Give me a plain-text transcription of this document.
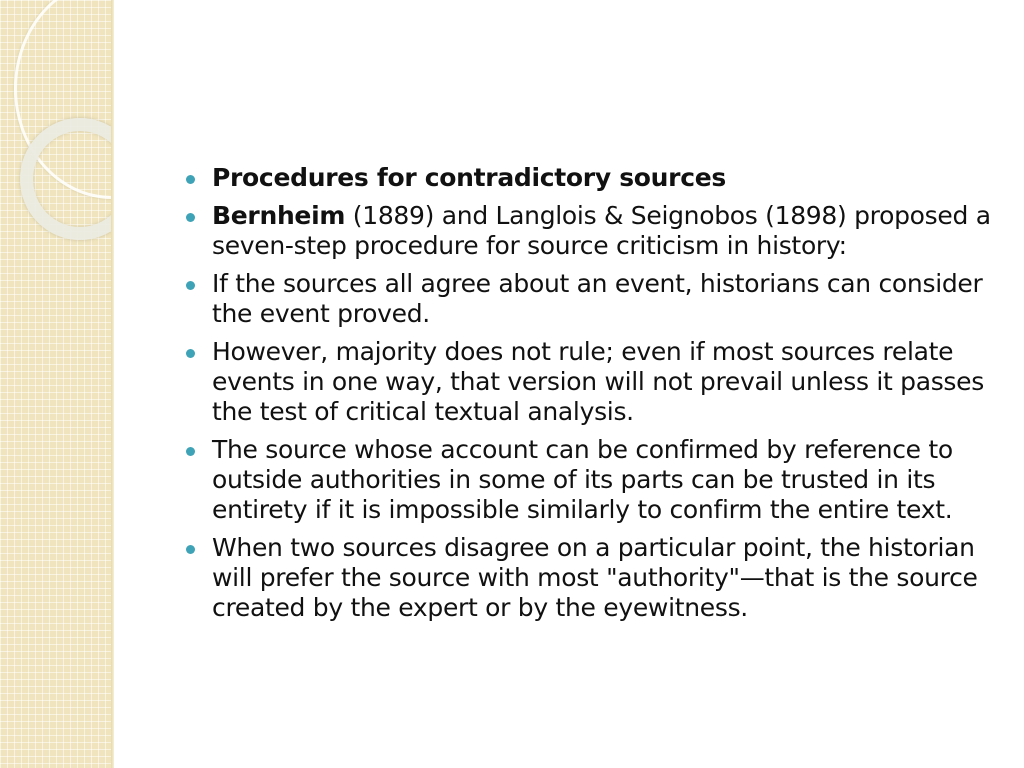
Procedures for contradictory sources
Bernheim (1889) and Langlois & Seignobos (1898) proposed a seven-step procedure for source criticism in history:
If the sources all agree about an event, historians can consider the event proved.
However, majority does not rule; even if most sources relate events in one way, that version will not prevail unless it passes the test of critical textual analysis.
The source whose account can be confirmed by reference to outside authorities in some of its parts can be trusted in its entirety if it is impossible similarly to confirm the entire text.
When two sources disagree on a particular point, the historian will prefer the source with most "authority"—that is the source created by the expert or by the eyewitness.
